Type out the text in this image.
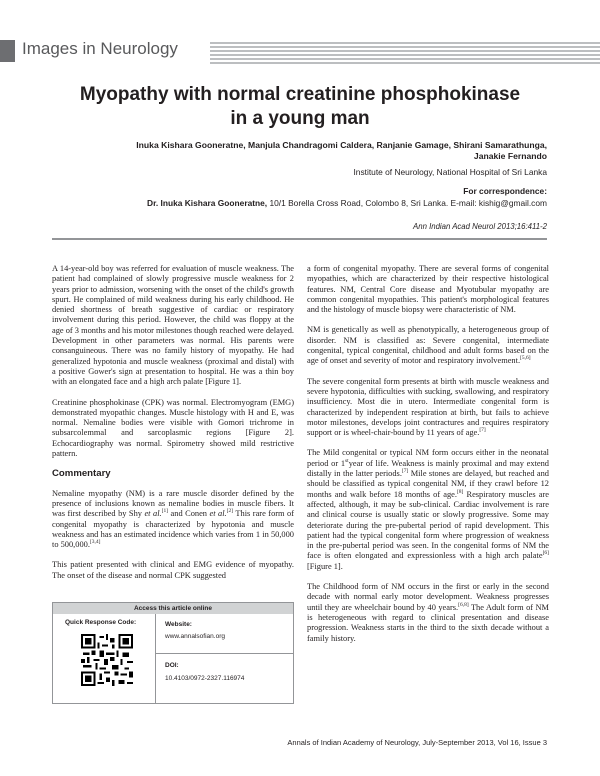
Images in Neurology
Myopathy with normal creatinine phosphokinase
in a young man
Inuka Kishara Gooneratne, Manjula Chandragomi Caldera, Ranjanie Gamage, Shirani Samarathunga,
Janakie Fernando
Institute of Neurology, National Hospital of Sri Lanka
For correspondence:
Dr. Inuka Kishara Gooneratne, 10/1 Borella Cross Road, Colombo 8, Sri Lanka. E-mail: kishig@gmail.com
Ann Indian Acad Neurol 2013;16:411-2

A 14-year-old boy was referred for evaluation of muscle weakness. The patient had complained of slowly progressive muscle weakness for 2 years prior to admission, worsening with the onset of the child's growth spurt. He complained of mild weakness during his early childhood. He denied shortness of breath suggestive of cardiac or respiratory involvement during this period. However, the child was floppy at the age of 3 months and his motor milestones though reached were delayed. Development in other parameters was normal. His parents were consanguineous. There was no family history of myopathy. He had generalized hypotonia and muscle weakness (proximal and distal) with a positive Gower's sign at presentation to hospital. He was a thin boy with an elongated face and a high arch palate [Figure 1].

Creatinine phosphokinase (CPK) was normal. Electromyogram (EMG) demonstrated myopathic changes. Muscle histology with H and E, was normal. Nemaline bodies were visible with Gomori trichrome in subsarcolemmal and sarcoplasmic regions [Figure 2]. Echocardiography was normal. Spirometry showed mild restrictive pattern.

Commentary

Nemaline myopathy (NM) is a rare muscle disorder defined by the presence of inclusions known as nemaline bodies in muscle fibers. It was first described by Shy et al.[1] and Conen et al.[2] This rare form of congenital myopathy is characterized by hypotonia and muscle weakness and has an estimated incidence which varies from 1 in 50,000 to 500,000.[3,4]

This patient presented with clinical and EMG evidence of myopathy. The onset of the disease and normal CPK suggested

a form of congenital myopathy. There are several forms of congenital myopathies, which are characterized by their respective histological features. NM, Central Core disease and Myotubular myopathy are common congenital myopathies. This patient's morphological features and the histology of muscle biopsy were characteristic of NM.

NM is genetically as well as phenotypically, a heterogeneous group of disorder. NM is classified as: Severe congenital, intermediate congenital, typical congenital, childhood and adult forms based on the age of onset and severity of motor and respiratory involvement.[5,6]

The severe congenital form presents at birth with muscle weakness and severe hypotonia, difficulties with sucking, swallowing, and respiratory insufficiency. Most die in utero. Intermediate congenital form is characterized by independent respiration at birth, but fails to achieve motor milestones, develops joint contractures and requires respiratory support or is wheel-chair-bound by 11 years of age.[7]

The Mild congenital or typical NM form occurs either in the neonatal period or 1styear of life. Weakness is mainly proximal and may extend distally in the latter periods.[7] Mile stones are delayed, but reached and should be classified as typical congenital NM, if they crawl before 12 months and walk before 18 months of age.[8] Respiratory muscles are affected, although, it may be sub-clinical. Cardiac involvement is rare and clinical course is usually static or slowly progressive. Some may deteriorate during the pre-pubertal period of rapid development. This patient had the typical congenital form where progression of weakness in the pre-pubertal period was seen. In the congenital forms of NM the face is often elongated and expressionless with a high arch palate[6] [Figure 1].

The Childhood form of NM occurs in the first or early in the second decade with normal early motor development. Weakness progresses until they are wheelchair bound by 40 years.[6,8] The Adult form of NM is heterogeneous with regard to clinical presentation and disease progression. Weakness starts in the third to the sixth decade without a family history.

Access this article online
Quick Response Code:	Website:
www.annalsofian.org
DOI:
10.4103/0972-2327.116974
Annals of Indian Academy of Neurology, July-September 2013, Vol 16, Issue 3
